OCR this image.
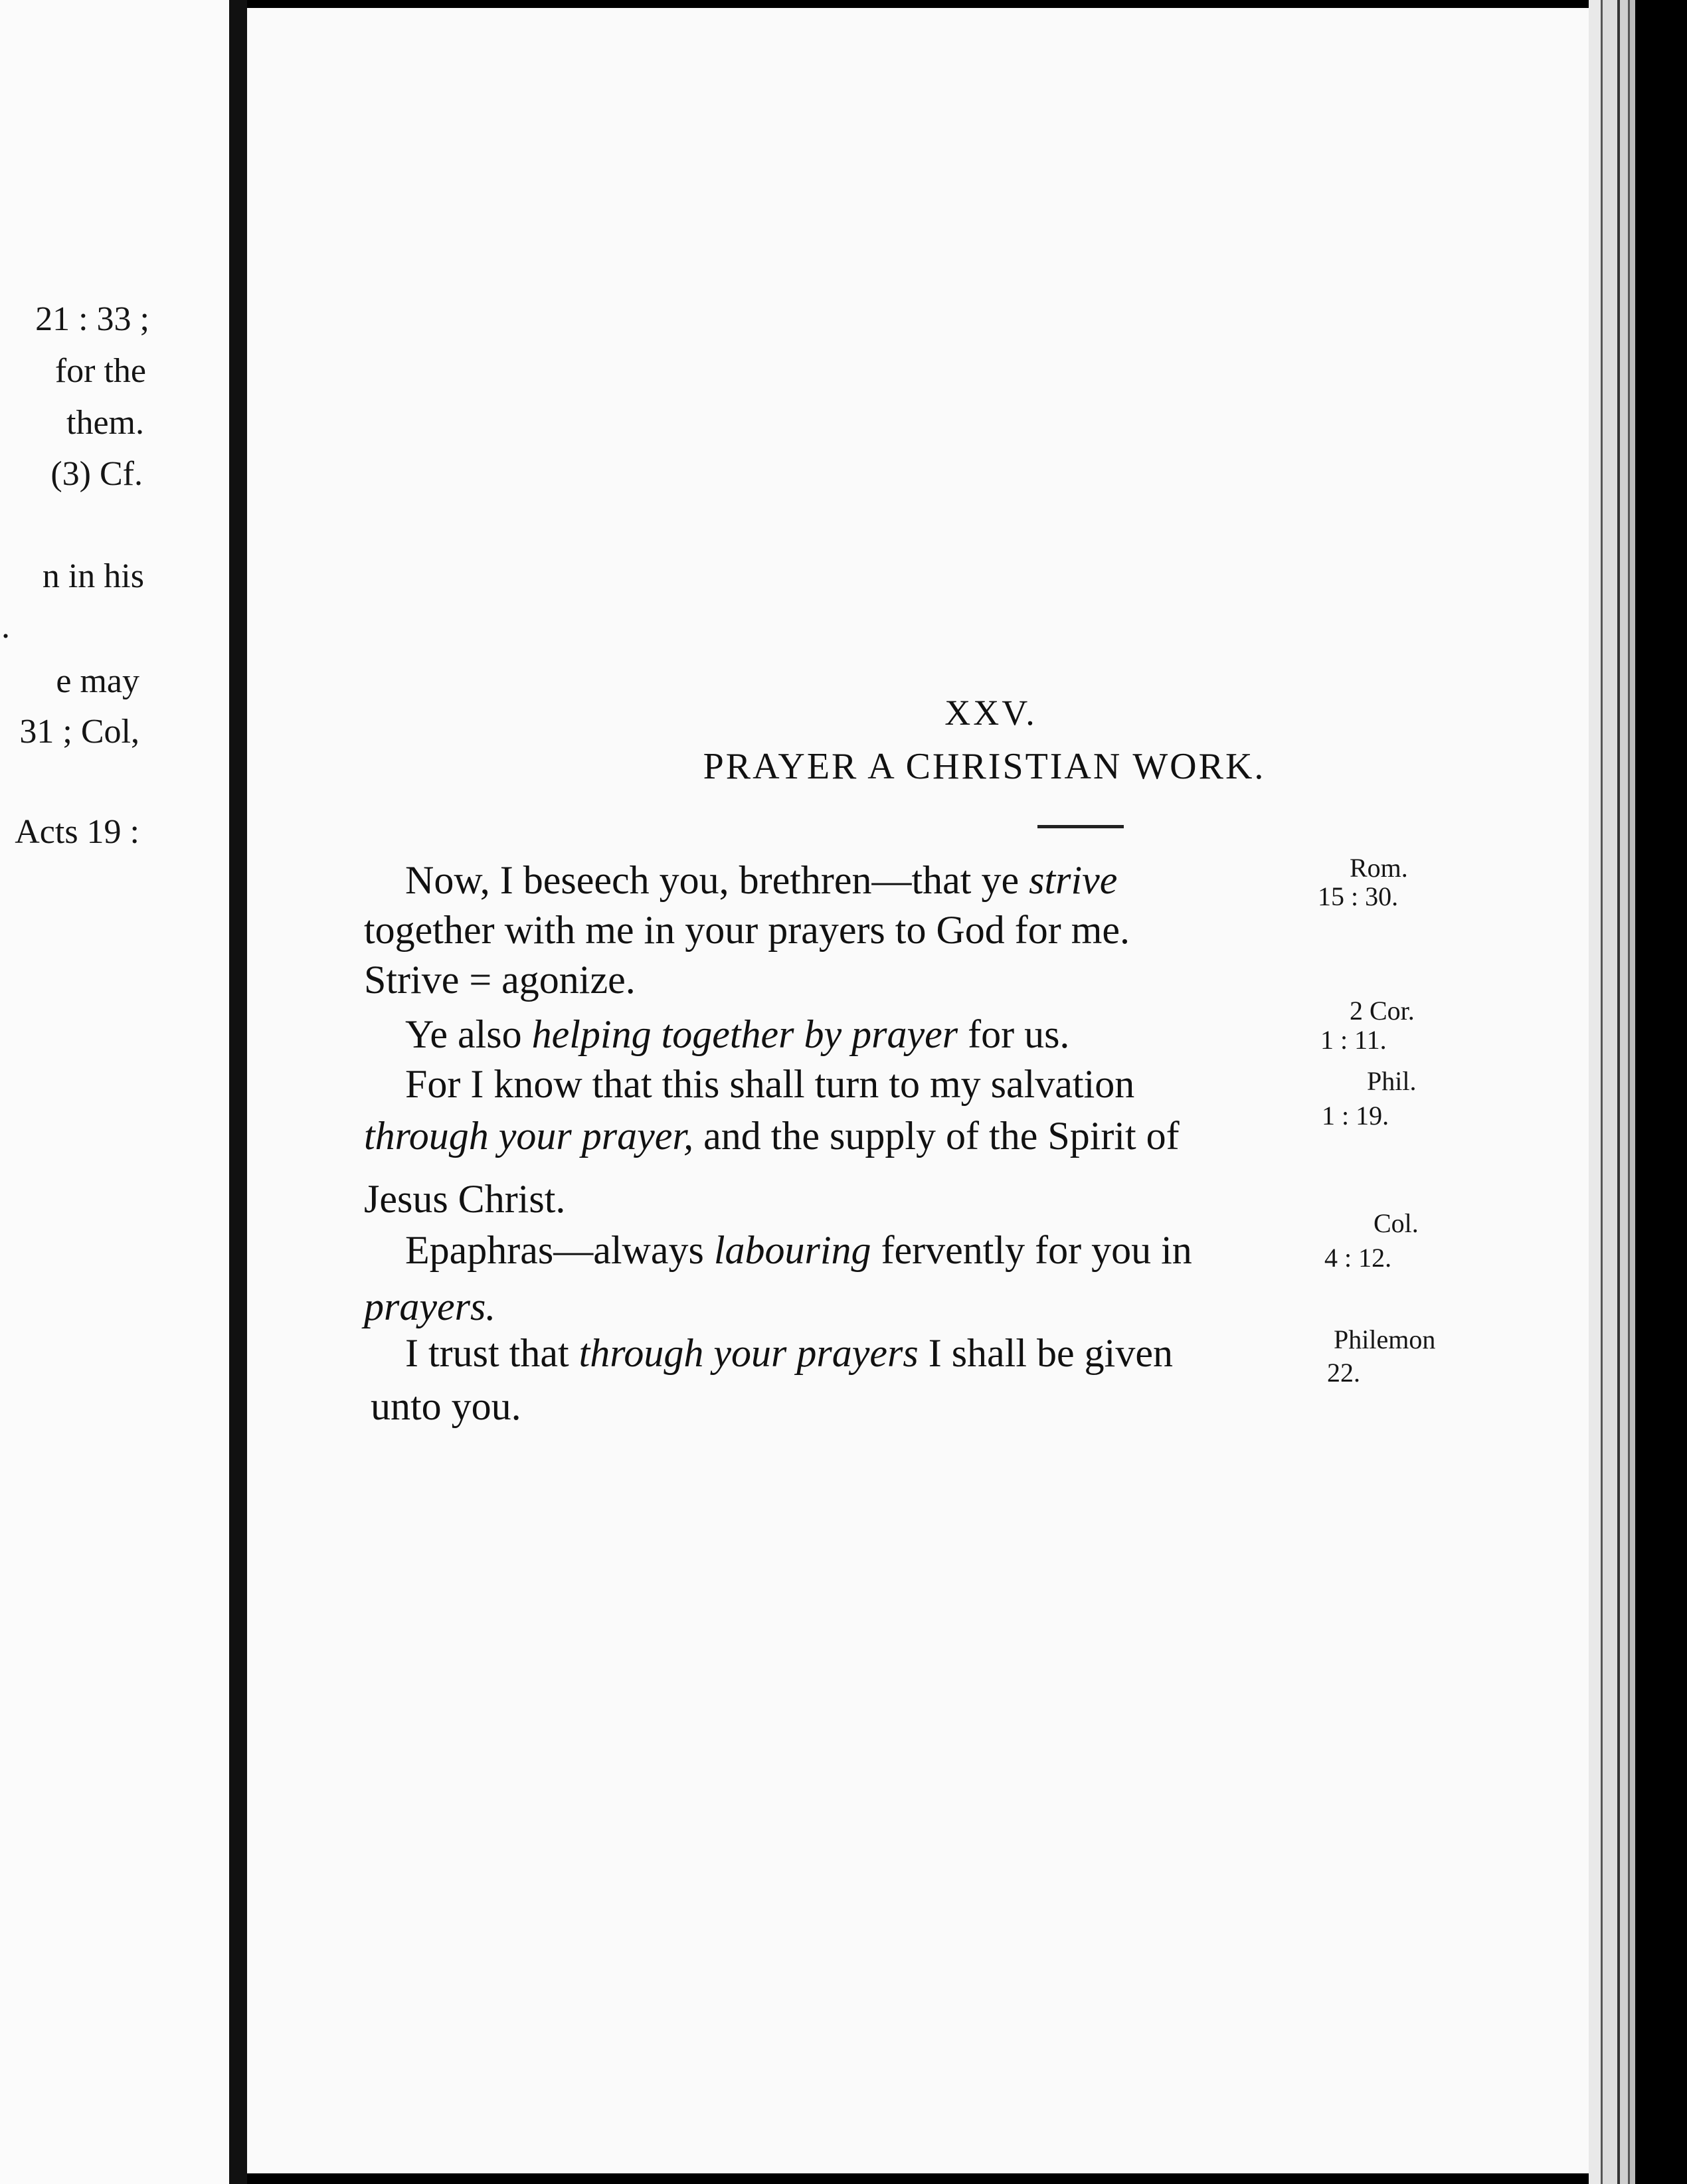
21 : 33 ;
for the
them.
(3) Cf.
n in his
.
e may
31 ; Col,
Acts 19 :
XXV.
PRAYER A CHRISTIAN WORK.
Now, I beseech you, brethren—that ye strive
together with me in your prayers to God for me.
Strive = agonize.
Rom.
15 : 30.
Ye also helping together by prayer for us.
2 Cor.
1 : 11.
For I know that this shall turn to my salvation
through your prayer, and the supply of the Spirit of
Jesus Christ.
Phil.
1 : 19.
Epaphras—always labouring fervently for you in
prayers.
Col.
4 : 12.
I trust that through your prayers I shall be given
unto you.
Philemon
22.
